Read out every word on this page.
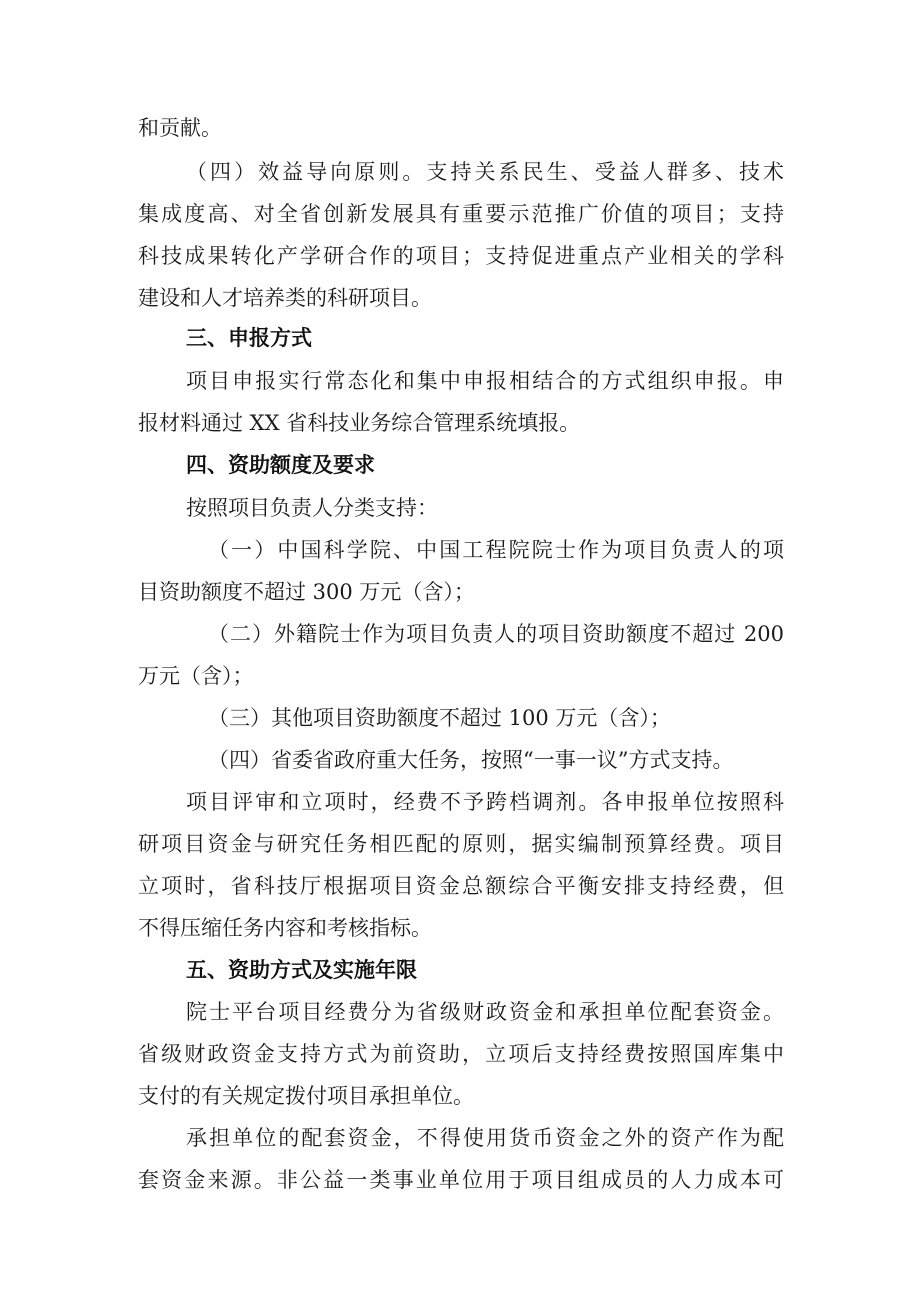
和贡献。
（四）效益导向原则。支持关系民生、受益人群多、技术
集成度高、对全省创新发展具有重要示范推广价值的项目；支持
科技成果转化产学研合作的项目；支持促进重点产业相关的学科
建设和人才培养类的科研项目。
三、申报方式
项目申报实行常态化和集中申报相结合的方式组织申报。申
报材料通过 XX 省科技业务综合管理系统填报。
四、资助额度及要求
按照项目负责人分类支持：
（一）中国科学院、中国工程院院士作为项目负责人的项
目资助额度不超过 300 万元（含）；
（二）外籍院士作为项目负责人的项目资助额度不超过 200
万元（含）；
（三）其他项目资助额度不超过 100 万元（含）；
（四）省委省政府重大任务，按照“一事一议”方式支持。
项目评审和立项时，经费不予跨档调剂。各申报单位按照科
研项目资金与研究任务相匹配的原则，据实编制预算经费。项目
立项时，省科技厅根据项目资金总额综合平衡安排支持经费，但
不得压缩任务内容和考核指标。
五、资助方式及实施年限
院士平台项目经费分为省级财政资金和承担单位配套资金。
省级财政资金支持方式为前资助，立项后支持经费按照国库集中
支付的有关规定拨付项目承担单位。
承担单位的配套资金，不得使用货币资金之外的资产作为配
套资金来源。非公益一类事业单位用于项目组成员的人力成本可
